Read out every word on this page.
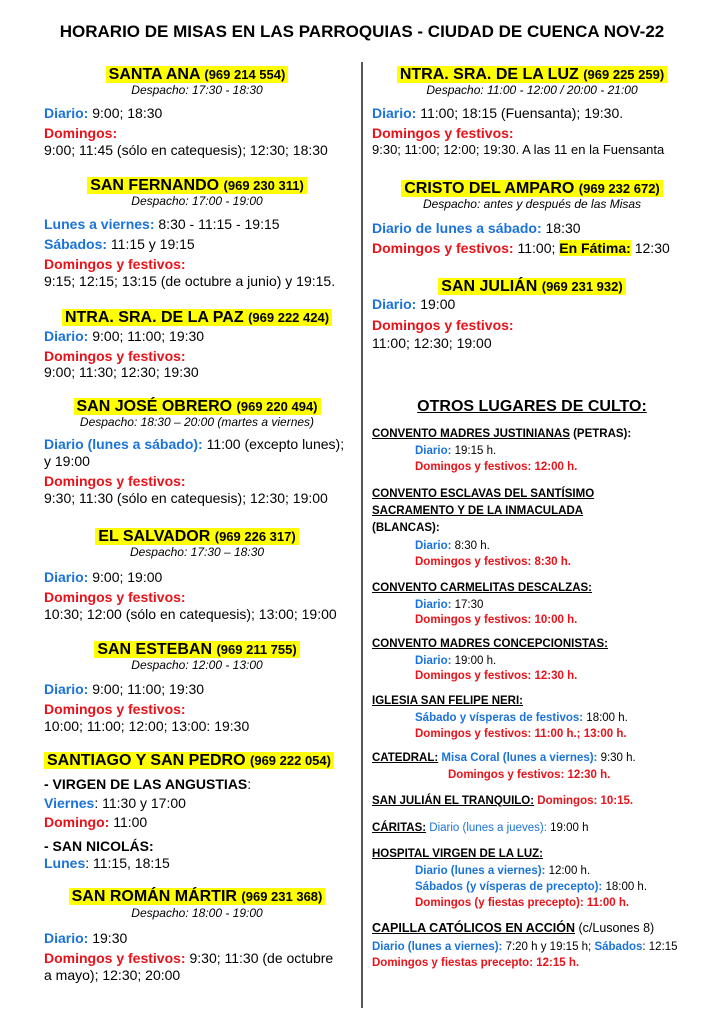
HORARIO DE MISAS EN LAS PARROQUIAS - CIUDAD DE CUENCA NOV-22
SANTA ANA (969 214 554)
Despacho: 17:30 - 18:30
Diario: 9:00; 18:30
Domingos:
9:00; 11:45 (sólo en catequesis); 12:30; 18:30
SAN FERNANDO (969 230 311)
Despacho: 17:00 - 19:00
Lunes a viernes: 8:30 - 11:15 - 19:15
Sábados: 11:15 y 19:15
Domingos y festivos:
9:15; 12:15; 13:15 (de octubre a junio) y 19:15.
NTRA. SRA. DE LA PAZ (969 222 424)
Diario: 9:00; 11:00; 19:30
Domingos y festivos:
9:00; 11:30; 12:30; 19:30
SAN JOSÉ OBRERO (969 220 494)
Despacho: 18:30 – 20:00 (martes a viernes)
Diario (lunes a sábado): 11:00 (excepto lunes);
y 19:00
Domingos y festivos:
9:30; 11:30 (sólo en catequesis); 12:30; 19:00
EL SALVADOR (969 226 317)
Despacho: 17:30 – 18:30
Diario: 9:00; 19:00
Domingos y festivos:
10:30; 12:00 (sólo en catequesis); 13:00; 19:00
SAN ESTEBAN (969 211 755)
Despacho: 12:00 - 13:00
Diario: 9:00; 11:00; 19:30
Domingos y festivos:
10:00; 11:00; 12:00; 13:00: 19:30
SANTIAGO Y SAN PEDRO (969 222 054)
- VIRGEN DE LAS ANGUSTIAS:
Viernes: 11:30 y 17:00
Domingo: 11:00
- SAN NICOLÁS:
Lunes: 11:15, 18:15
SAN ROMÁN MÁRTIR (969 231 368)
Despacho: 18:00 - 19:00
Diario: 19:30
Domingos y festivos: 9:30; 11:30 (de octubre
a mayo); 12:30; 20:00
NTRA. SRA. DE LA LUZ (969 225 259)
Despacho: 11:00 - 12:00 / 20:00 - 21:00
Diario: 11:00; 18:15 (Fuensanta); 19:30.
Domingos y festivos:
9:30; 11:00; 12:00; 19:30. A las 11 en la Fuensanta
CRISTO DEL AMPARO (969 232 672)
Despacho: antes y después de las Misas
Diario de lunes a sábado: 18:30
Domingos y festivos: 11:00; En Fátima: 12:30
SAN JULIÁN (969 231 932)
Diario: 19:00
Domingos y festivos:
11:00; 12:30; 19:00
OTROS LUGARES DE CULTO:
CONVENTO MADRES JUSTINIANAS (PETRAS):
Diario: 19:15 h.
Domingos y festivos: 12:00 h.
CONVENTO ESCLAVAS DEL SANTÍSIMO
SACRAMENTO Y DE LA INMACULADA
(BLANCAS):
Diario: 8:30 h.
Domingos y festivos: 8:30 h.
CONVENTO CARMELITAS DESCALZAS:
Diario: 17:30
Domingos y festivos: 10:00 h.
CONVENTO MADRES CONCEPCIONISTAS:
Diario: 19:00 h.
Domingos y festivos: 12:30 h.
IGLESIA SAN FELIPE NERI:
Sábado y vísperas de festivos: 18:00 h.
Domingos y festivos: 11:00 h.; 13:00 h.
CATEDRAL: Misa Coral (lunes a viernes): 9:30 h.
Domingos y festivos: 12:30 h.
SAN JULIÁN EL TRANQUILO: Domingos: 10:15.
CÁRITAS: Diario (lunes a jueves): 19:00 h
HOSPITAL VIRGEN DE LA LUZ:
Diario (lunes a viernes): 12:00 h.
Sábados (y vísperas de precepto): 18:00 h.
Domingos (y fiestas precepto): 11:00 h.
CAPILLA CATÓLICOS EN ACCIÓN (c/Lusones 8)
Diario (lunes a viernes): 7:20 h y 19:15 h; Sábados: 12:15
Domingos y fiestas precepto: 12:15 h.
